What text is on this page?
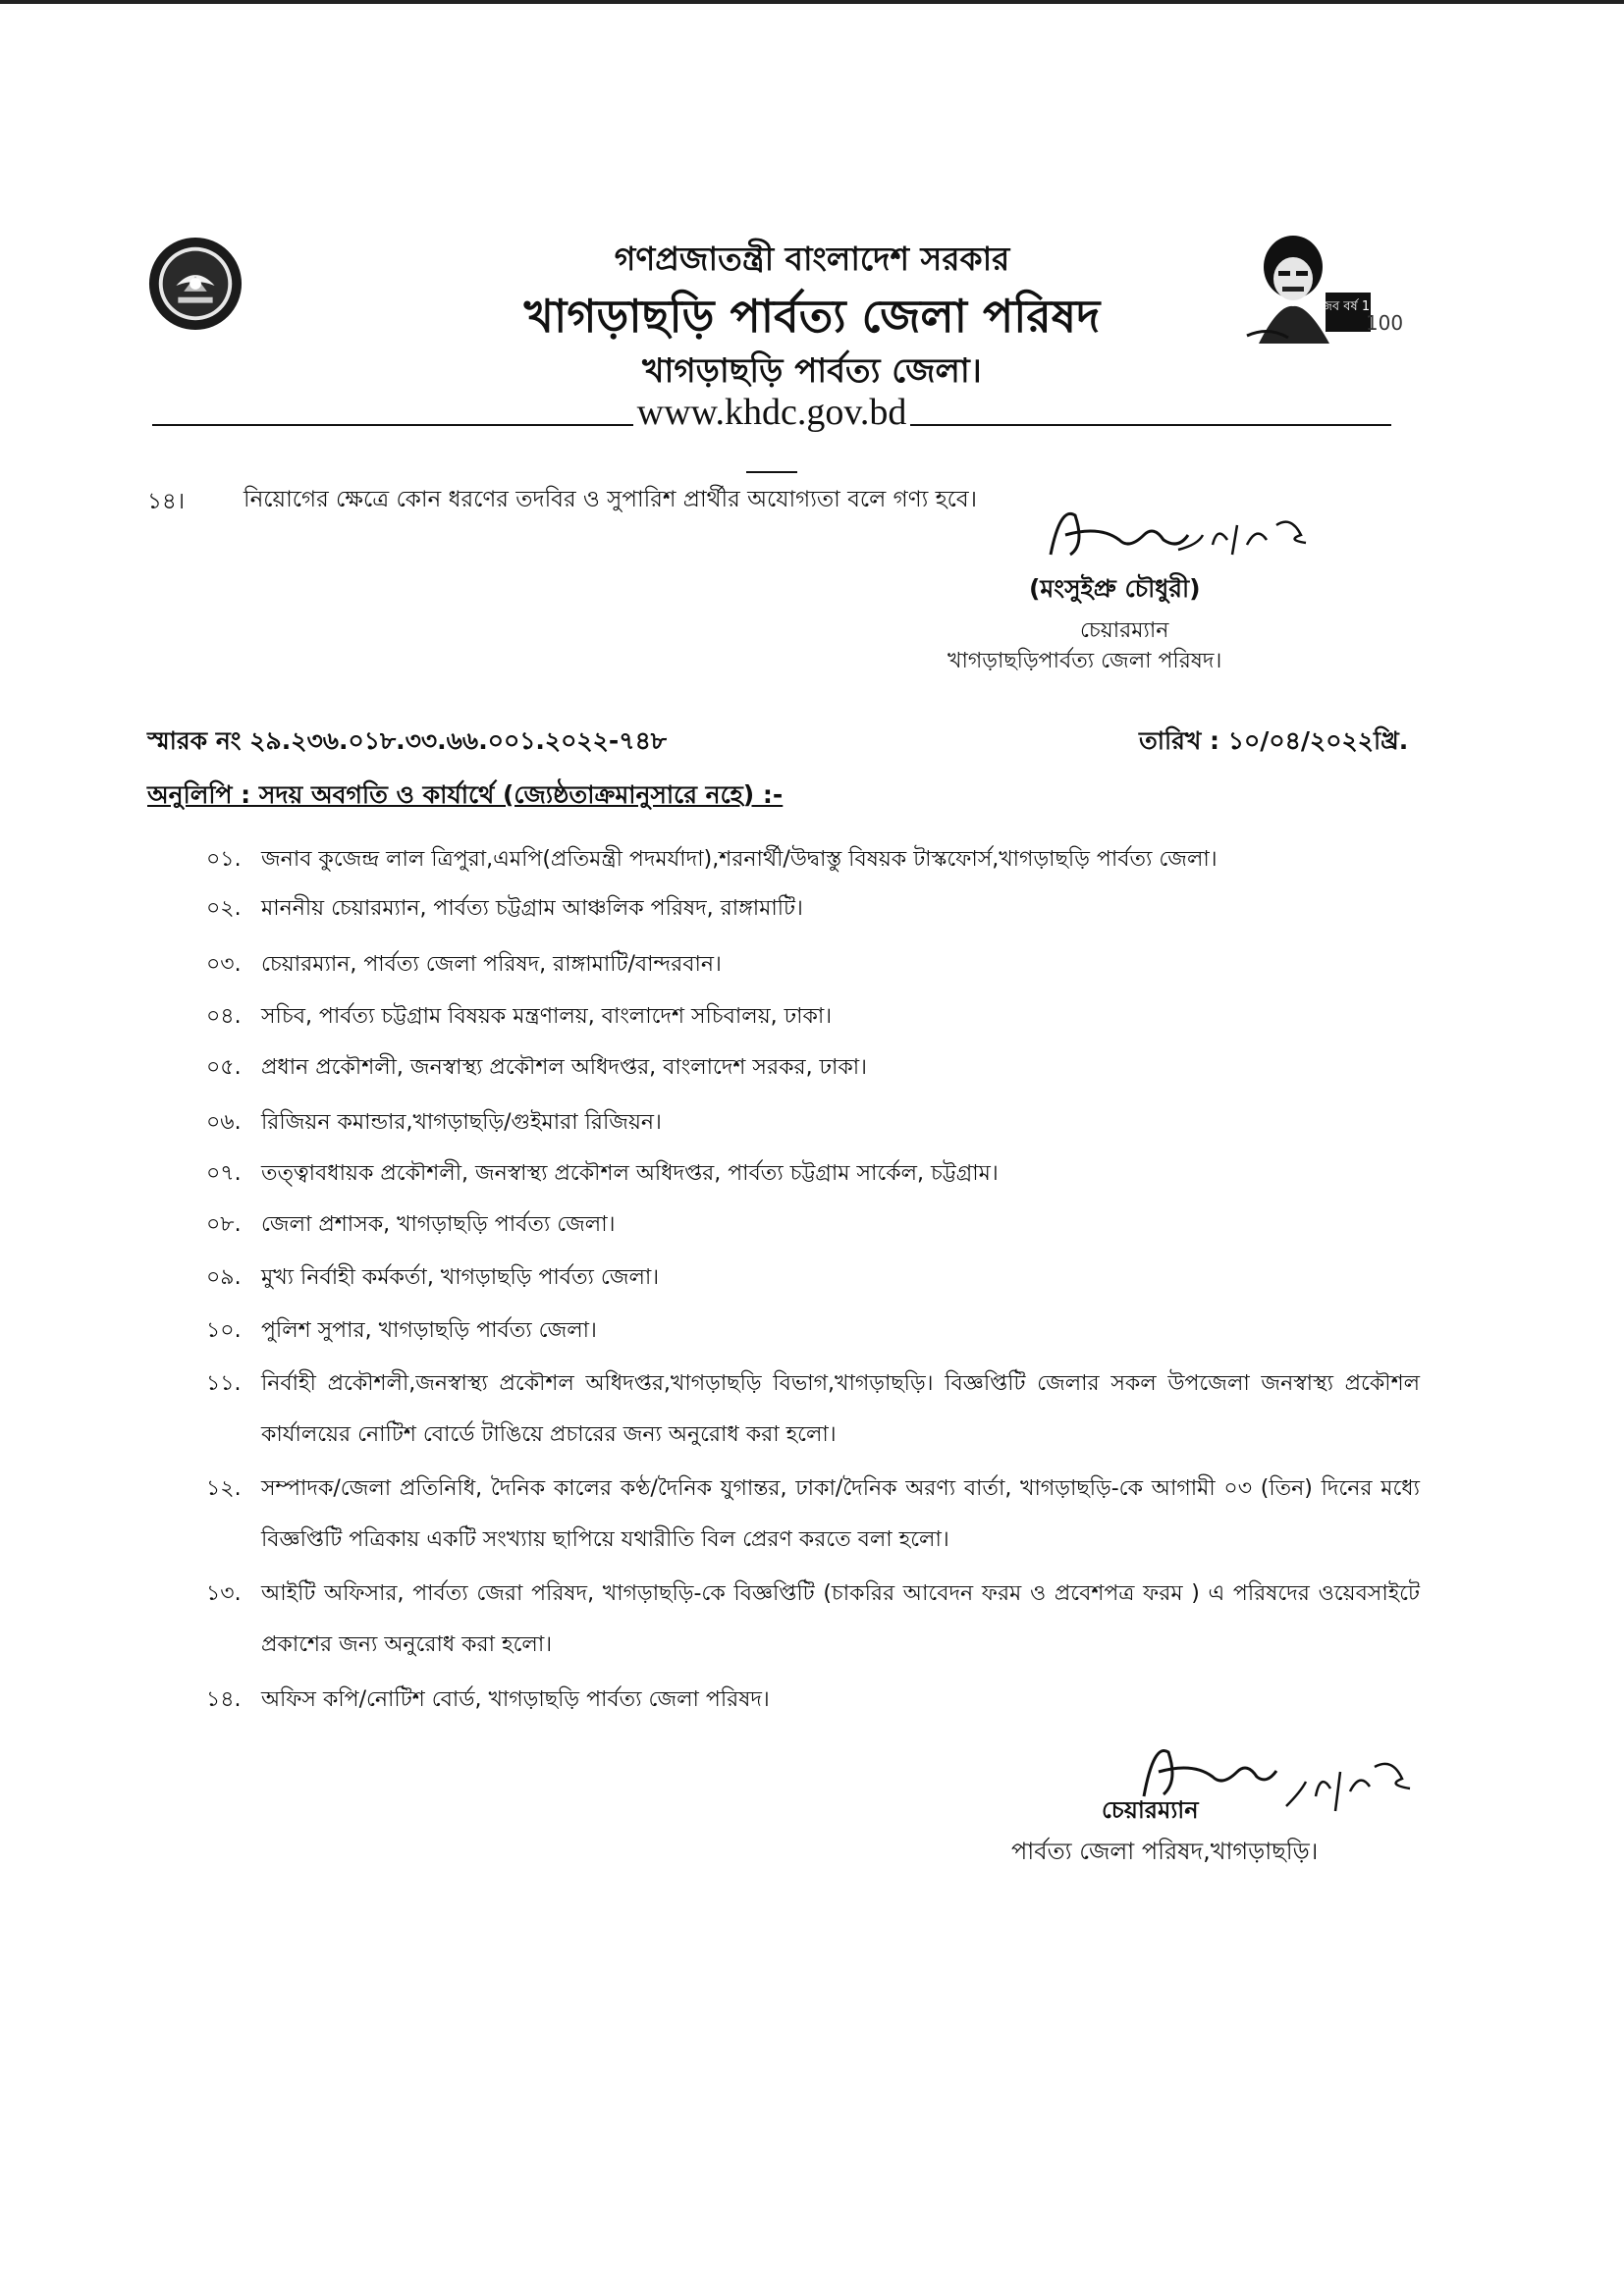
মুজিব বর্ষ 100
100
গণপ্রজাতন্ত্রী বাংলাদেশ সরকার
খাগড়াছড়ি পার্বত্য জেলা পরিষদ
খাগড়াছড়ি পার্বত্য জেলা।
www.khdc.gov.bd
১৪।	নিয়োগের ক্ষেত্রে কোন ধরণের তদবির ও সুপারিশ প্রার্থীর অযোগ্যতা বলে গণ্য হবে।
(মংসুইপ্রু চৌধুরী)
চেয়ারম্যান
খাগড়াছড়িপার্বত্য জেলা পরিষদ।
স্মারক নং ২৯.২৩৬.০১৮.৩৩.৬৬.০০১.২০২২-৭৪৮	তারিখ : ১০/০৪/২০২২খ্রি.
অনুলিপি : সদয় অবগতি ও কার্যার্থে (জ্যেষ্ঠতাক্রমানুসারে নহে) :-
০১. জনাব কুজেন্দ্র লাল ত্রিপুরা,এমপি(প্রতিমন্ত্রী পদমর্যাদা),শরনার্থী/উদ্বাস্তু বিষয়ক টাস্কফোর্স,খাগড়াছড়ি পার্বত্য জেলা।
০২. মাননীয় চেয়ারম্যান, পার্বত্য চট্টগ্রাম আঞ্চলিক পরিষদ, রাঙ্গামাটি।
০৩. চেয়ারম্যান, পার্বত্য জেলা পরিষদ, রাঙ্গামাটি/বান্দরবান।
০৪. সচিব, পার্বত্য চট্টগ্রাম বিষয়ক মন্ত্রণালয়, বাংলাদেশ সচিবালয়, ঢাকা।
০৫. প্রধান প্রকৌশলী, জনস্বাস্থ্য প্রকৌশল অধিদপ্তর, বাংলাদেশ সরকর, ঢাকা।
০৬. রিজিয়ন কমান্ডার,খাগড়াছড়ি/গুইমারা রিজিয়ন।
০৭. তত্ত্বাবধায়ক প্রকৌশলী, জনস্বাস্থ্য প্রকৌশল অধিদপ্তর, পার্বত্য চট্টগ্রাম সার্কেল, চট্টগ্রাম।
০৮. জেলা প্রশাসক, খাগড়াছড়ি পার্বত্য জেলা।
০৯. মুখ্য নির্বাহী কর্মকর্তা, খাগড়াছড়ি পার্বত্য জেলা।
১০. পুলিশ সুপার, খাগড়াছড়ি পার্বত্য জেলা।
১১. নির্বাহী প্রকৌশলী,জনস্বাস্থ্য প্রকৌশল অধিদপ্তর,খাগড়াছড়ি বিভাগ,খাগড়াছড়ি। বিজ্ঞপ্তিটি জেলার সকল উপজেলা জনস্বাস্থ্য প্রকৌশল কার্যালয়ের নোটিশ বোর্ডে টাঙিয়ে প্রচারের জন্য অনুরোধ করা হলো।
১২. সম্পাদক/জেলা প্রতিনিধি, দৈনিক কালের কণ্ঠ/দৈনিক যুগান্তর, ঢাকা/দৈনিক অরণ্য বার্তা, খাগড়াছড়ি-কে আগামী ০৩ (তিন) দিনের মধ্যে বিজ্ঞপ্তিটি পত্রিকায় একটি সংখ্যায় ছাপিয়ে যথারীতি বিল প্রেরণ করতে বলা হলো।
১৩. আইটি অফিসার, পার্বত্য জেরা পরিষদ, খাগড়াছড়ি-কে বিজ্ঞপ্তিটি (চাকরির আবেদন ফরম ও প্রবেশপত্র ফরম ) এ পরিষদের ওয়েবসাইটে প্রকাশের জন্য অনুরোধ করা হলো।
১৪. অফিস কপি/নোটিশ বোর্ড, খাগড়াছড়ি পার্বত্য জেলা পরিষদ।
চেয়ারম্যান
পার্বত্য জেলা পরিষদ,খাগড়াছড়ি।
